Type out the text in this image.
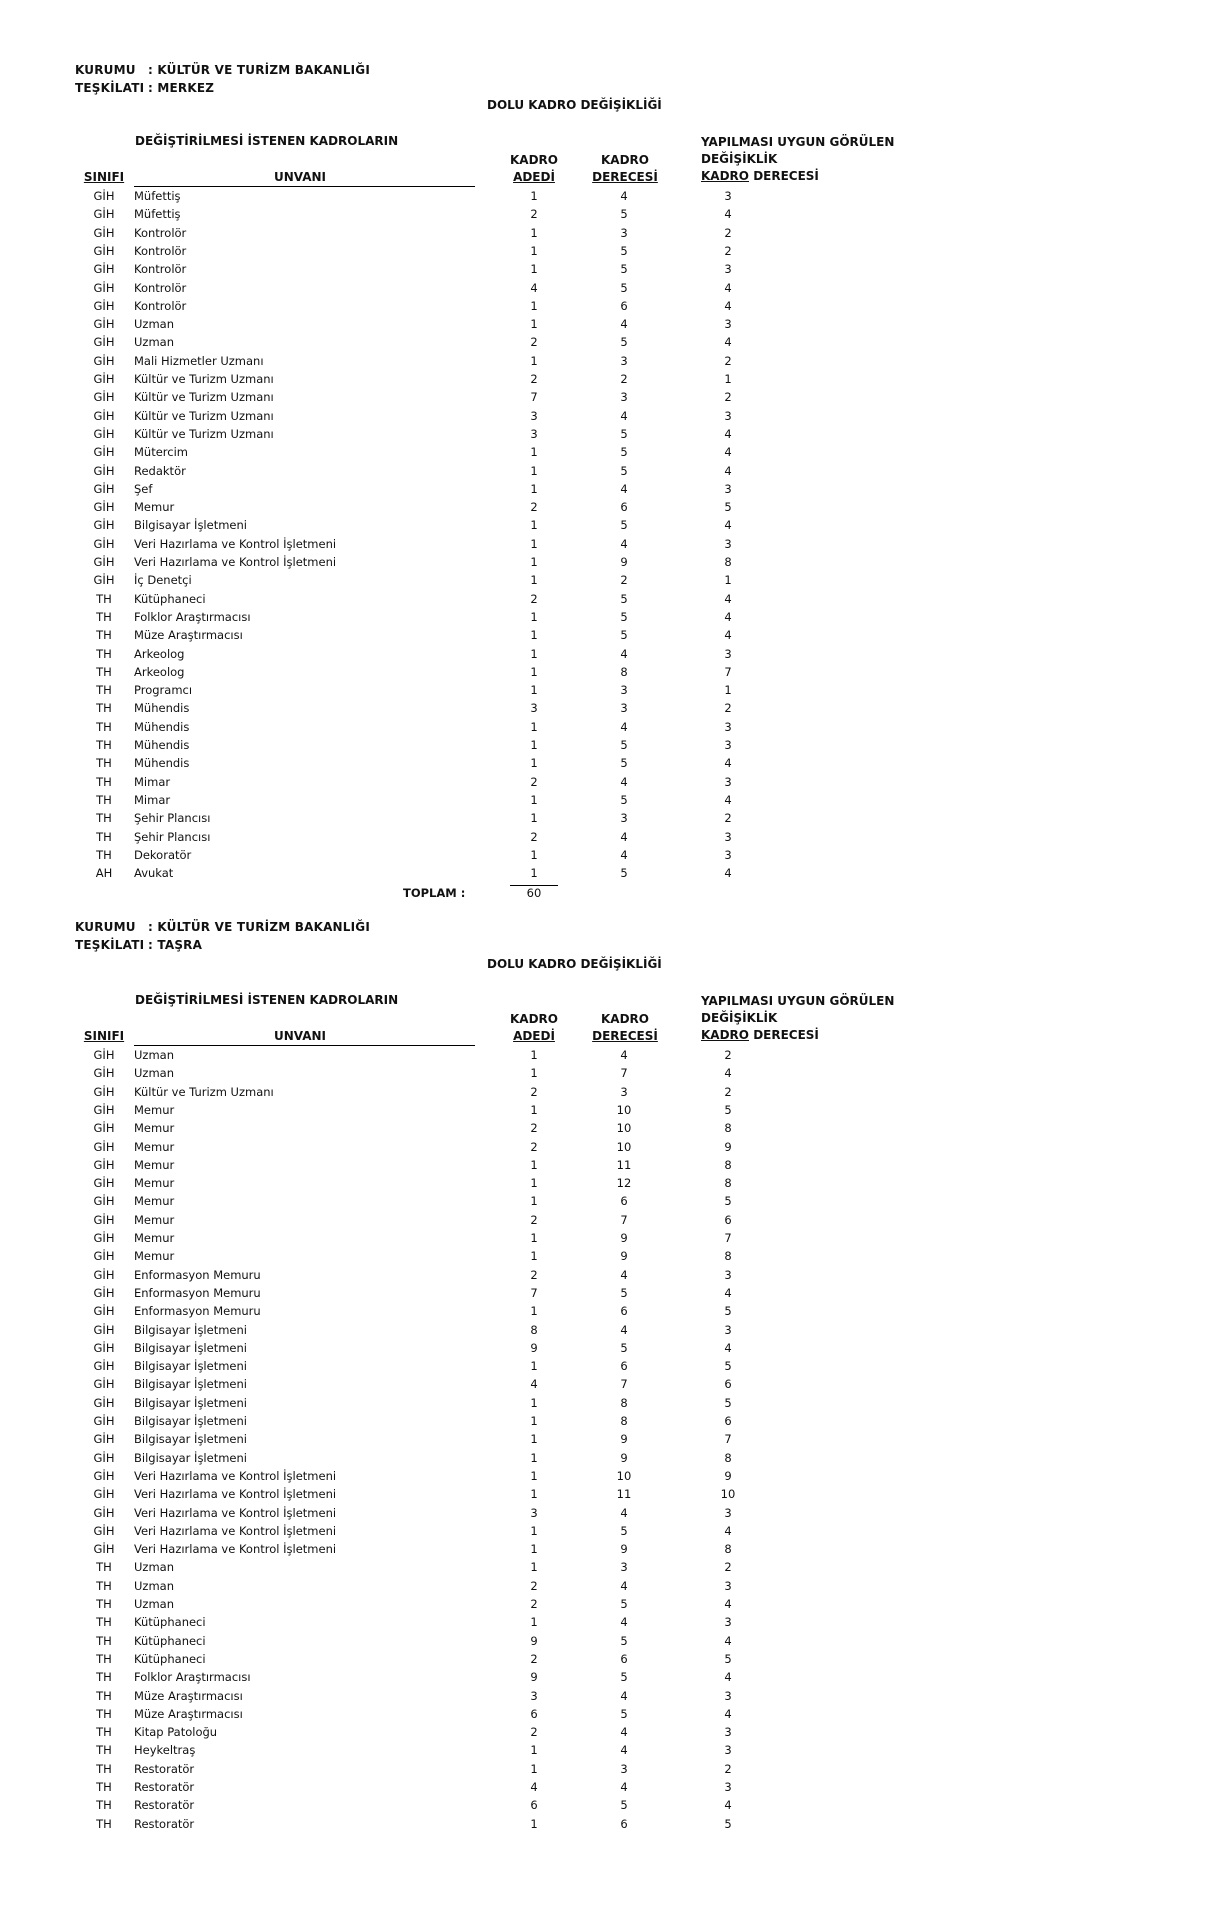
KURUMU : KÜLTÜR VE TURİZM BAKANLIĞI
TEŞKİLATI : MERKEZ
DOLU KADRO DEĞİŞİKLİĞİ
DEĞİŞTİRİLMESİ İSTENEN KADROLARIN	YAPILMASI UYGUN GÖRÜLEN
DEĞİŞİKLİK
KADRO DERECESİ
SINIFI	UNVANI
KADRO
ADEDİ
KADRO
DERECESİ
GİH	Müfettiş	1	4	3
GİH	Müfettiş	2	5	4
GİH	Kontrolör	1	3	2
GİH	Kontrolör	1	5	2
GİH	Kontrolör	1	5	3
GİH	Kontrolör	4	5	4
GİH	Kontrolör	1	6	4
GİH	Uzman	1	4	3
GİH	Uzman	2	5	4
GİH	Mali Hizmetler Uzmanı	1	3	2
GİH	Kültür ve Turizm Uzmanı	2	2	1
GİH	Kültür ve Turizm Uzmanı	7	3	2
GİH	Kültür ve Turizm Uzmanı	3	4	3
GİH	Kültür ve Turizm Uzmanı	3	5	4
GİH	Mütercim	1	5	4
GİH	Redaktör	1	5	4
GİH	Şef	1	4	3
GİH	Memur	2	6	5
GİH	Bilgisayar İşletmeni	1	5	4
GİH	Veri Hazırlama ve Kontrol İşletmeni	1	4	3
GİH	Veri Hazırlama ve Kontrol İşletmeni	1	9	8
GİH	İç Denetçi	1	2	1
TH	Kütüphaneci	2	5	4
TH	Folklor Araştırmacısı	1	5	4
TH	Müze Araştırmacısı	1	5	4
TH	Arkeolog	1	4	3
TH	Arkeolog	1	8	7
TH	Programcı	1	3	1
TH	Mühendis	3	3	2
TH	Mühendis	1	4	3
TH	Mühendis	1	5	3
TH	Mühendis	1	5	4
TH	Mimar	2	4	3
TH	Mimar	1	5	4
TH	Şehir Plancısı	1	3	2
TH	Şehir Plancısı	2	4	3
TH	Dekoratör	1	4	3
AH	Avukat	1	5	4
TOPLAM :	60
KURUMU : KÜLTÜR VE TURİZM BAKANLIĞI
TEŞKİLATI : TAŞRA
DOLU KADRO DEĞİŞİKLİĞİ
DEĞİŞTİRİLMESİ İSTENEN KADROLARIN	YAPILMASI UYGUN GÖRÜLEN
DEĞİŞİKLİK
KADRO DERECESİ
SINIFI	UNVANI
KADRO
ADEDİ
KADRO
DERECESİ
GİH	Uzman	1	4	2
GİH	Uzman	1	7	4
GİH	Kültür ve Turizm Uzmanı	2	3	2
GİH	Memur	1	10	5
GİH	Memur	2	10	8
GİH	Memur	2	10	9
GİH	Memur	1	11	8
GİH	Memur	1	12	8
GİH	Memur	1	6	5
GİH	Memur	2	7	6
GİH	Memur	1	9	7
GİH	Memur	1	9	8
GİH	Enformasyon Memuru	2	4	3
GİH	Enformasyon Memuru	7	5	4
GİH	Enformasyon Memuru	1	6	5
GİH	Bilgisayar İşletmeni	8	4	3
GİH	Bilgisayar İşletmeni	9	5	4
GİH	Bilgisayar İşletmeni	1	6	5
GİH	Bilgisayar İşletmeni	4	7	6
GİH	Bilgisayar İşletmeni	1	8	5
GİH	Bilgisayar İşletmeni	1	8	6
GİH	Bilgisayar İşletmeni	1	9	7
GİH	Bilgisayar İşletmeni	1	9	8
GİH	Veri Hazırlama ve Kontrol İşletmeni	1	10	9
GİH	Veri Hazırlama ve Kontrol İşletmeni	1	11	10
GİH	Veri Hazırlama ve Kontrol İşletmeni	3	4	3
GİH	Veri Hazırlama ve Kontrol İşletmeni	1	5	4
GİH	Veri Hazırlama ve Kontrol İşletmeni	1	9	8
TH	Uzman	1	3	2
TH	Uzman	2	4	3
TH	Uzman	2	5	4
TH	Kütüphaneci	1	4	3
TH	Kütüphaneci	9	5	4
TH	Kütüphaneci	2	6	5
TH	Folklor Araştırmacısı	9	5	4
TH	Müze Araştırmacısı	3	4	3
TH	Müze Araştırmacısı	6	5	4
TH	Kitap Patoloğu	2	4	3
TH	Heykeltraş	1	4	3
TH	Restoratör	1	3	2
TH	Restoratör	4	4	3
TH	Restoratör	6	5	4
TH	Restoratör	1	6	5
